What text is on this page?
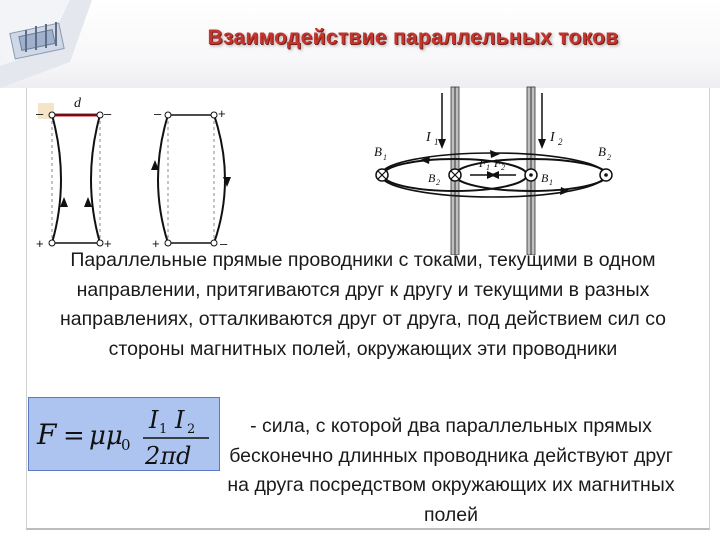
Взаимодействие параллельных токов
d
–	–
+	+
–	+
+	–
I 1	I 2
B 1	B 2
B 2
F 1 F 2
B 1
Параллельные прямые проводники с токами, текущими в одном направлении, притягиваются друг к другу и текущими в разных направлениях, отталкиваются друг от друга, под действием сил со стороны магнитных полей, окружающих эти проводники
F = μμ
0
I 1 I 2
2πd
- сила, с которой два параллельных прямых бесконечно длинных проводника действуют друг на друга посредством окружающих их магнитных полей
